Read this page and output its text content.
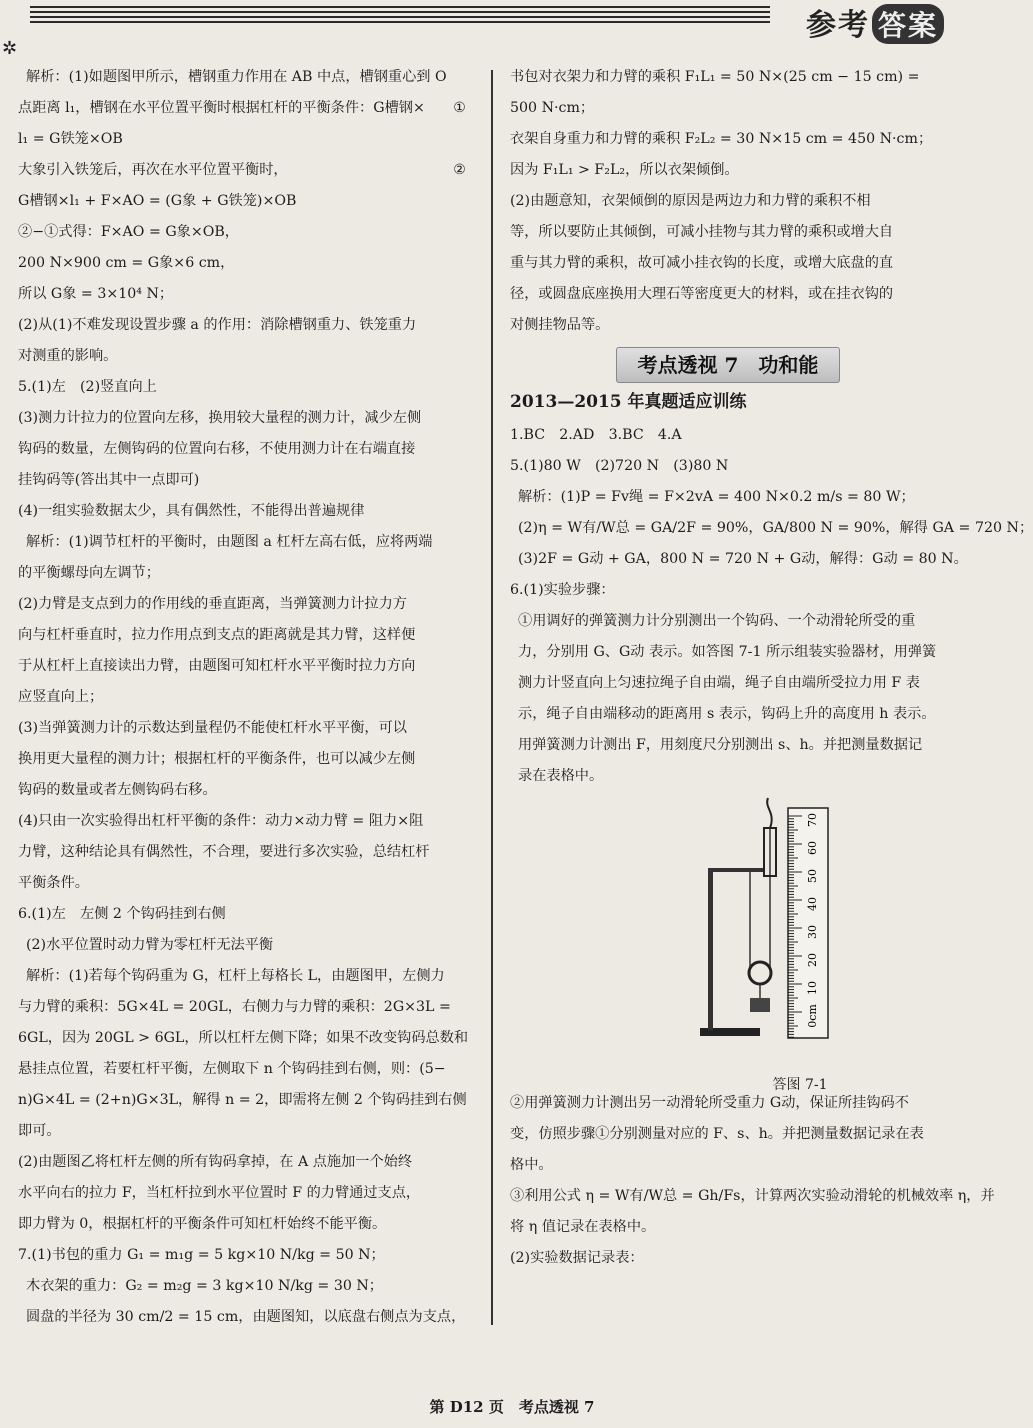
✲
参考 答案
解析：(1)如题图甲所示，槽钢重力作用在 AB 中点，槽钢重心到 O
点距离 l₁，槽钢在水平位置平衡时根据杠杆的平衡条件：G槽钢× ①
l₁ = G铁笼×OB
大象引入铁笼后，再次在水平位置平衡时，	②
G槽钢×l₁ + F×AO = (G象 + G铁笼)×OB
②−①式得：F×AO = G象×OB，
200 N×900 cm = G象×6 cm，
所以 G象 = 3×10⁴ N；
(2)从(1)不难发现设置步骤 a 的作用：消除槽钢重力、铁笼重力
对测重的影响。
5.(1)左　(2)竖直向上
(3)测力计拉力的位置向左移，换用较大量程的测力计，减少左侧
钩码的数量，左侧钩码的位置向右移，不使用测力计在右端直接
挂钩码等(答出其中一点即可)
(4)一组实验数据太少，具有偶然性，不能得出普遍规律
解析：(1)调节杠杆的平衡时，由题图 a 杠杆左高右低，应将两端
的平衡螺母向左调节；
(2)力臂是支点到力的作用线的垂直距离，当弹簧测力计拉力方
向与杠杆垂直时，拉力作用点到支点的距离就是其力臂，这样便
于从杠杆上直接读出力臂，由题图可知杠杆水平平衡时拉力方向
应竖直向上；
(3)当弹簧测力计的示数达到量程仍不能使杠杆水平平衡，可以
换用更大量程的测力计；根据杠杆的平衡条件，也可以减少左侧
钩码的数量或者左侧钩码右移。
(4)只由一次实验得出杠杆平衡的条件：动力×动力臂 = 阻力×阻
力臂，这种结论具有偶然性，不合理，要进行多次实验，总结杠杆
平衡条件。
6.(1)左　左侧 2 个钩码挂到右侧
(2)水平位置时动力臂为零杠杆无法平衡
解析：(1)若每个钩码重为 G，杠杆上每格长 L，由题图甲，左侧力
与力臂的乘积：5G×4L = 20GL，右侧力与力臂的乘积：2G×3L =
6GL，因为 20GL > 6GL，所以杠杆左侧下降；如果不改变钩码总数和
悬挂点位置，若要杠杆平衡，左侧取下 n 个钩码挂到右侧，则：(5−
n)G×4L = (2+n)G×3L，解得 n = 2，即需将左侧 2 个钩码挂到右侧
即可。
(2)由题图乙将杠杆左侧的所有钩码拿掉，在 A 点施加一个始终
水平向右的拉力 F，当杠杆拉到水平位置时 F 的力臂通过支点，
即力臂为 0，根据杠杆的平衡条件可知杠杆始终不能平衡。
7.(1)书包的重力 G₁ = m₁g = 5 kg×10 N/kg = 50 N；
木衣架的重力：G₂ = m₂g = 3 kg×10 N/kg = 30 N；
圆盘的半径为 30 cm/2 = 15 cm，由题图知，以底盘右侧点为支点，
书包对衣架力和力臂的乘积 F₁L₁ = 50 N×(25 cm − 15 cm) =
500 N·cm；
衣架自身重力和力臂的乘积 F₂L₂ = 30 N×15 cm = 450 N·cm；
因为 F₁L₁ > F₂L₂，所以衣架倾倒。
(2)由题意知，衣架倾倒的原因是两边力和力臂的乘积不相
等，所以要防止其倾倒，可减小挂物与其力臂的乘积或增大自
重与其力臂的乘积，故可减小挂衣钩的长度，或增大底盘的直
径，或圆盘底座换用大理石等密度更大的材料，或在挂衣钩的
对侧挂物品等。
考点透视 7　功和能
2013—2015 年真题适应训练
1.BC　2.AD　3.BC　4.A
5.(1)80 W　(2)720 N　(3)80 N
解析：(1)P = Fv绳 = F×2vA = 400 N×0.2 m/s = 80 W；
(2)η = W有/W总 = GA/2F = 90%，GA/800 N = 90%，解得 GA = 720 N；
(3)2F = G动 + GA，800 N = 720 N + G动，解得：G动 = 80 N。
6.(1)实验步骤：
①用调好的弹簧测力计分别测出一个钩码、一个动滑轮所受的重
力，分别用 G、G动 表示。如答图 7-1 所示组装实验器材，用弹簧
测力计竖直向上匀速拉绳子自由端，绳子自由端所受拉力用 F 表
示，绳子自由端移动的距离用 s 表示，钩码上升的高度用 h 表示。
用弹簧测力计测出 F，用刻度尺分别测出 s、h。并把测量数据记
录在表格中。
70
60
50
40
30
20
10
0cm
答图 7-1
②用弹簧测力计测出另一动滑轮所受重力 G动，保证所挂钩码不
变，仿照步骤①分别测量对应的 F、s、h。并把测量数据记录在表
格中。
③利用公式 η = W有/W总 = Gh/Fs，计算两次实验动滑轮的机械效率 η，并
将 η 值记录在表格中。
(2)实验数据记录表：
第 D12 页　考点透视 7
